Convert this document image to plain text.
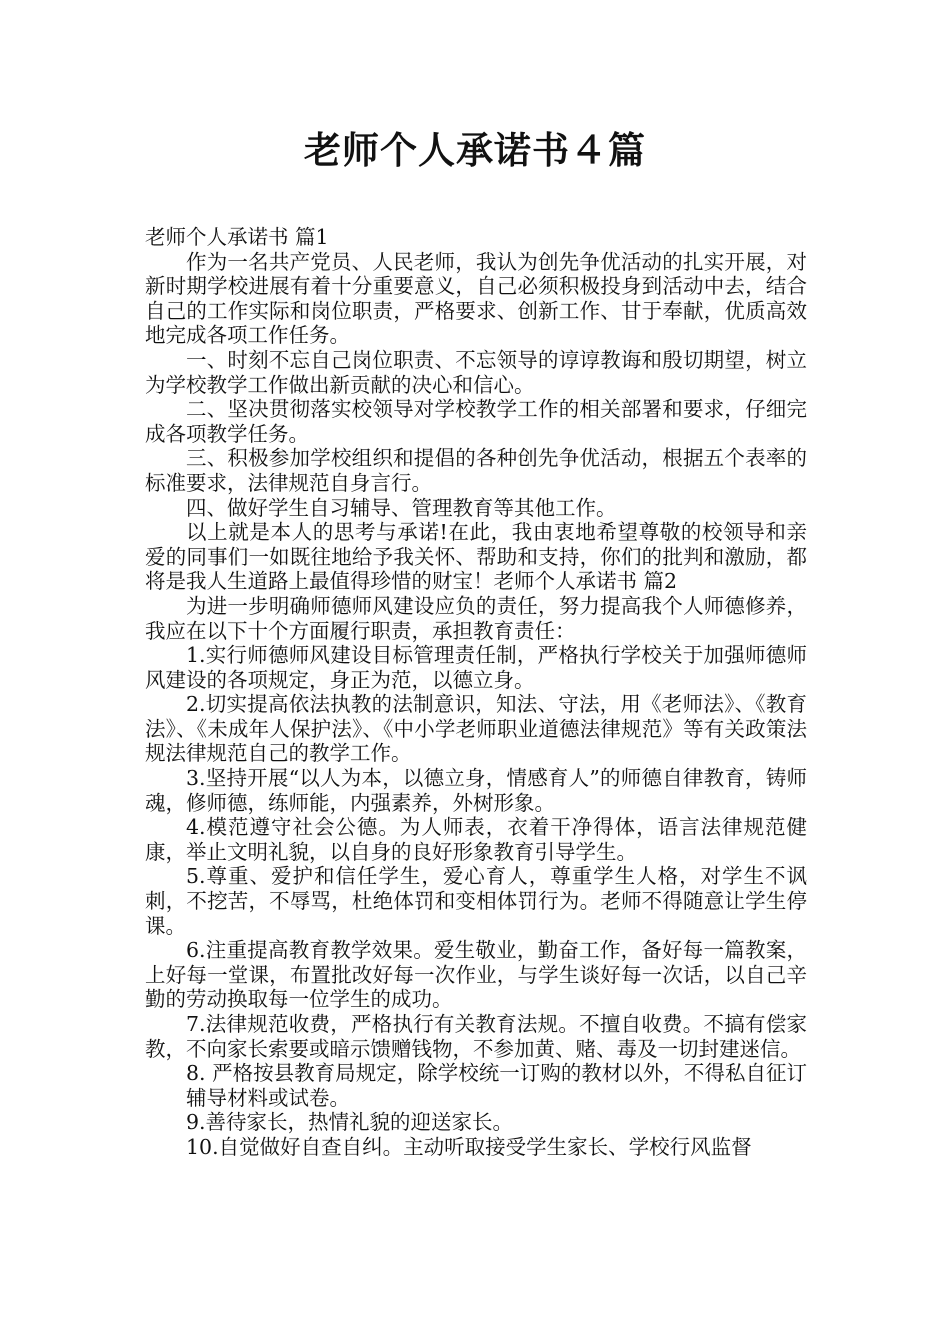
老师个人承诺书４篇

老师个人承诺书 篇1

作为一名共产党员、人民老师，我认为创先争优活动的扎实开展，对新时期学校进展有着十分重要意义，自己必须积极投身到活动中去，结合自己的工作实际和岗位职责，严格要求、创新工作、甘于奉献，优质高效地完成各项工作任务。

一、时刻不忘自己岗位职责、不忘领导的谆谆教诲和殷切期望，树立为学校教学工作做出新贡献的决心和信心。

二、坚决贯彻落实校领导对学校教学工作的相关部署和要求，仔细完成各项教学任务。

三、积极参加学校组织和提倡的各种创先争优活动，根据五个表率的标准要求，法律规范自身言行。

四、做好学生自习辅导、管理教育等其他工作。

以上就是本人的思考与承诺!在此，我由衷地希望尊敬的校领导和亲爱的同事们一如既往地给予我关怀、帮助和支持，你们的批判和激励，都将是我人生道路上最值得珍惜的财宝！老师个人承诺书 篇2

为进一步明确师德师风建设应负的责任，努力提高我个人师德修养，我应在以下十个方面履行职责，承担教育责任：

1.实行师德师风建设目标管理责任制，严格执行学校关于加强师德师风建设的各项规定，身正为范，以德立身。

2.切实提高依法执教的法制意识，知法、守法，用《老师法》、《教育法》、《未成年人保护法》、《中小学老师职业道德法律规范》等有关政策法规法律规范自己的教学工作。

3.坚持开展“以人为本，以德立身，情感育人”的师德自律教育，铸师魂，修师德，练师能，内强素养，外树形象。

4.模范遵守社会公德。为人师表，衣着干净得体，语言法律规范健康，举止文明礼貌，以自身的良好形象教育引导学生。

5.尊重、爱护和信任学生，爱心育人，尊重学生人格，对学生不讽刺，不挖苦，不辱骂，杜绝体罚和变相体罚行为。老师不得随意让学生停课。

6.注重提高教育教学效果。爱生敬业，勤奋工作，备好每一篇教案，上好每一堂课，布置批改好每一次作业，与学生谈好每一次话，以自己辛勤的劳动换取每一位学生的成功。

7.法律规范收费，严格执行有关教育法规。不擅自收费。不搞有偿家教，不向家长索要或暗示馈赠钱物，不参加黄、赌、毒及一切封建迷信。

8. 严格按县教育局规定，除学校统一订购的教材以外，不得私自征订辅导材料或试卷。

9.善待家长，热情礼貌的迎送家长。

10.自觉做好自查自纠。主动听取接受学生家长、学校行风监督
